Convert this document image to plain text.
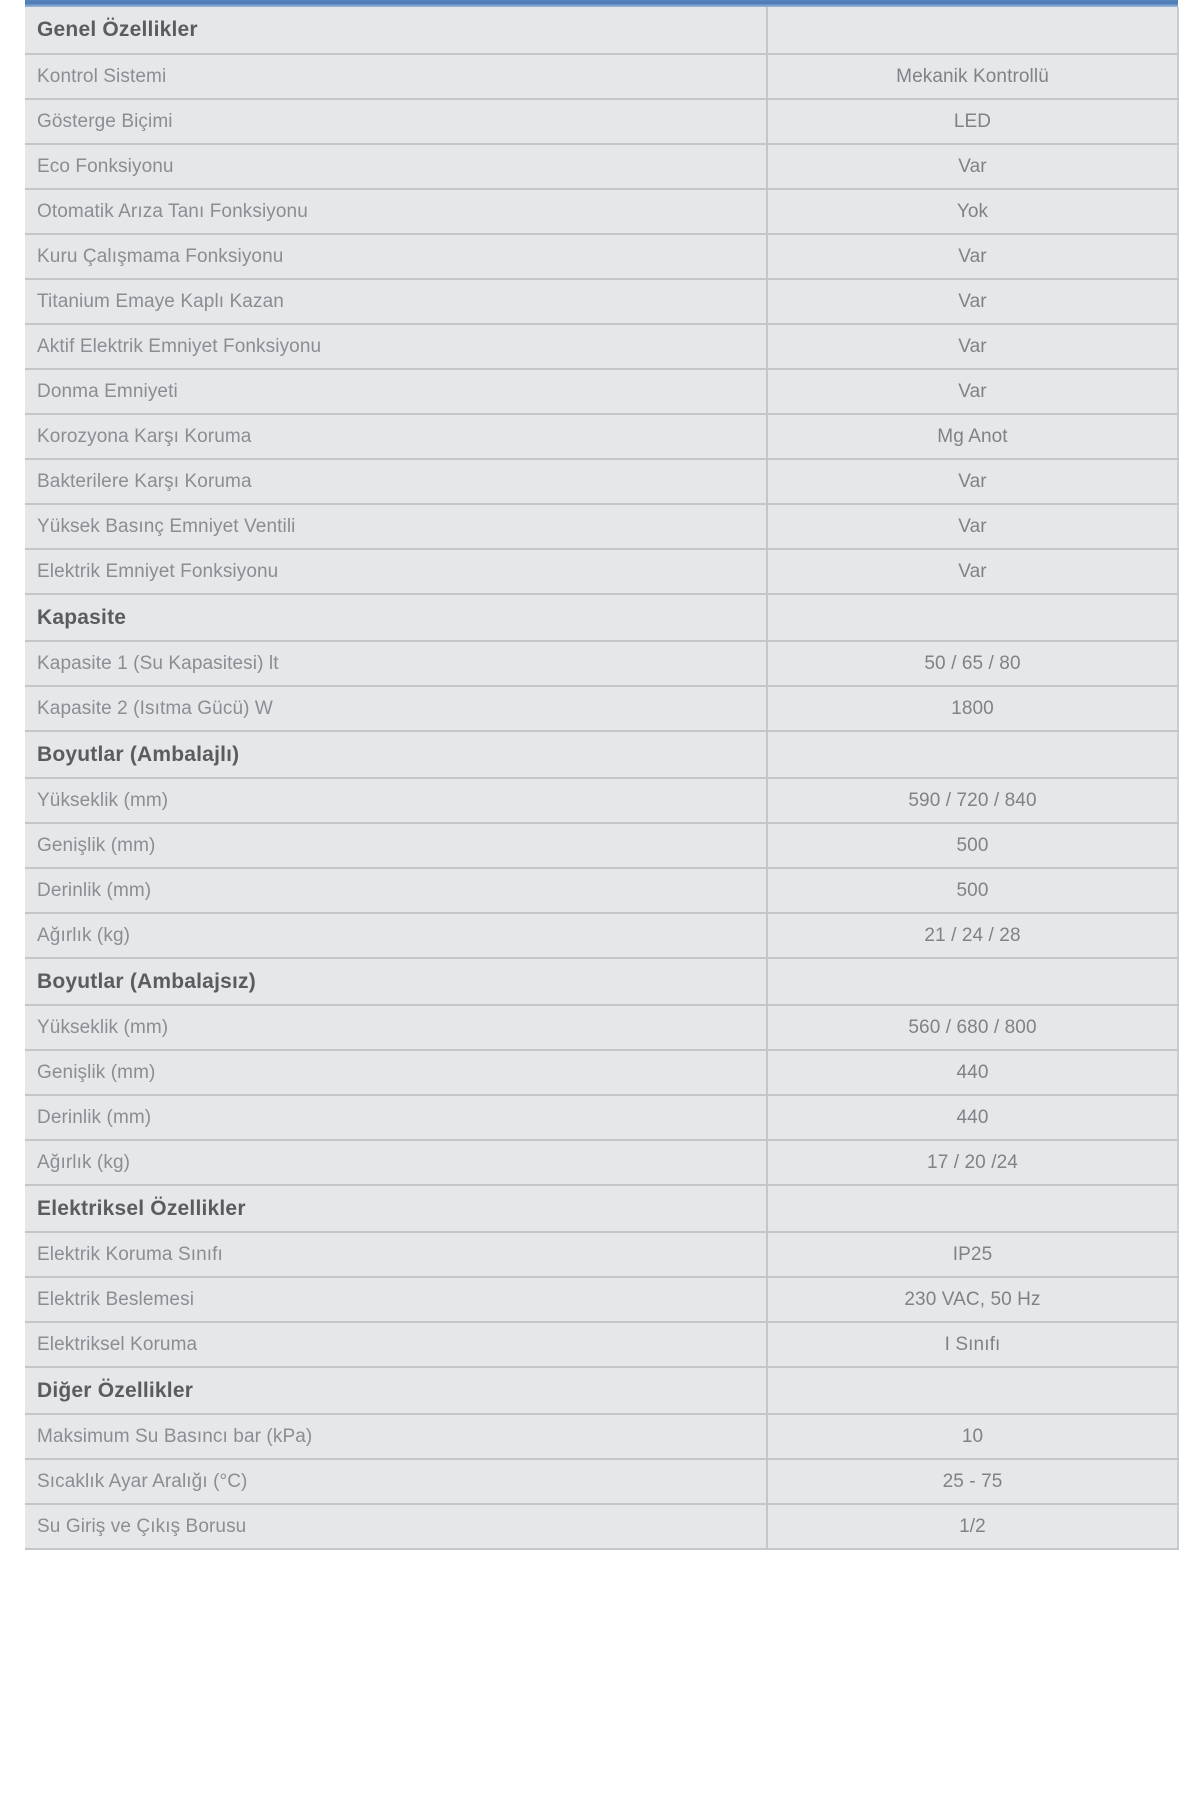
Genel Özellikler	
Kontrol Sistemi	Mekanik Kontrollü
Gösterge Biçimi	LED
Eco Fonksiyonu	Var
Otomatik Arıza Tanı Fonksiyonu	Yok
Kuru Çalışmama Fonksiyonu	Var
Titanium Emaye Kaplı Kazan	Var
Aktif Elektrik Emniyet Fonksiyonu	Var
Donma Emniyeti	Var
Korozyona Karşı Koruma	Mg Anot
Bakterilere Karşı Koruma	Var
Yüksek Basınç Emniyet Ventili	Var
Elektrik Emniyet Fonksiyonu	Var
Kapasite	
Kapasite 1 (Su Kapasitesi) lt	50 / 65 / 80
Kapasite 2 (Isıtma Gücü) W	1800
Boyutlar (Ambalajlı)	
Yükseklik (mm)	590 / 720 / 840
Genişlik (mm)	500
Derinlik (mm)	500
Ağırlık (kg)	21 / 24 / 28
Boyutlar (Ambalajsız)	
Yükseklik (mm)	560 / 680 / 800
Genişlik (mm)	440
Derinlik (mm)	440
Ağırlık (kg)	17 / 20 /24
Elektriksel Özellikler	
Elektrik Koruma Sınıfı	IP25
Elektrik Beslemesi	230 VAC, 50 Hz
Elektriksel Koruma	I Sınıfı
Diğer Özellikler	
Maksimum Su Basıncı bar (kPa)	10
Sıcaklık Ayar Aralığı (°C)	25 - 75
Su Giriş ve Çıkış Borusu	1/2
